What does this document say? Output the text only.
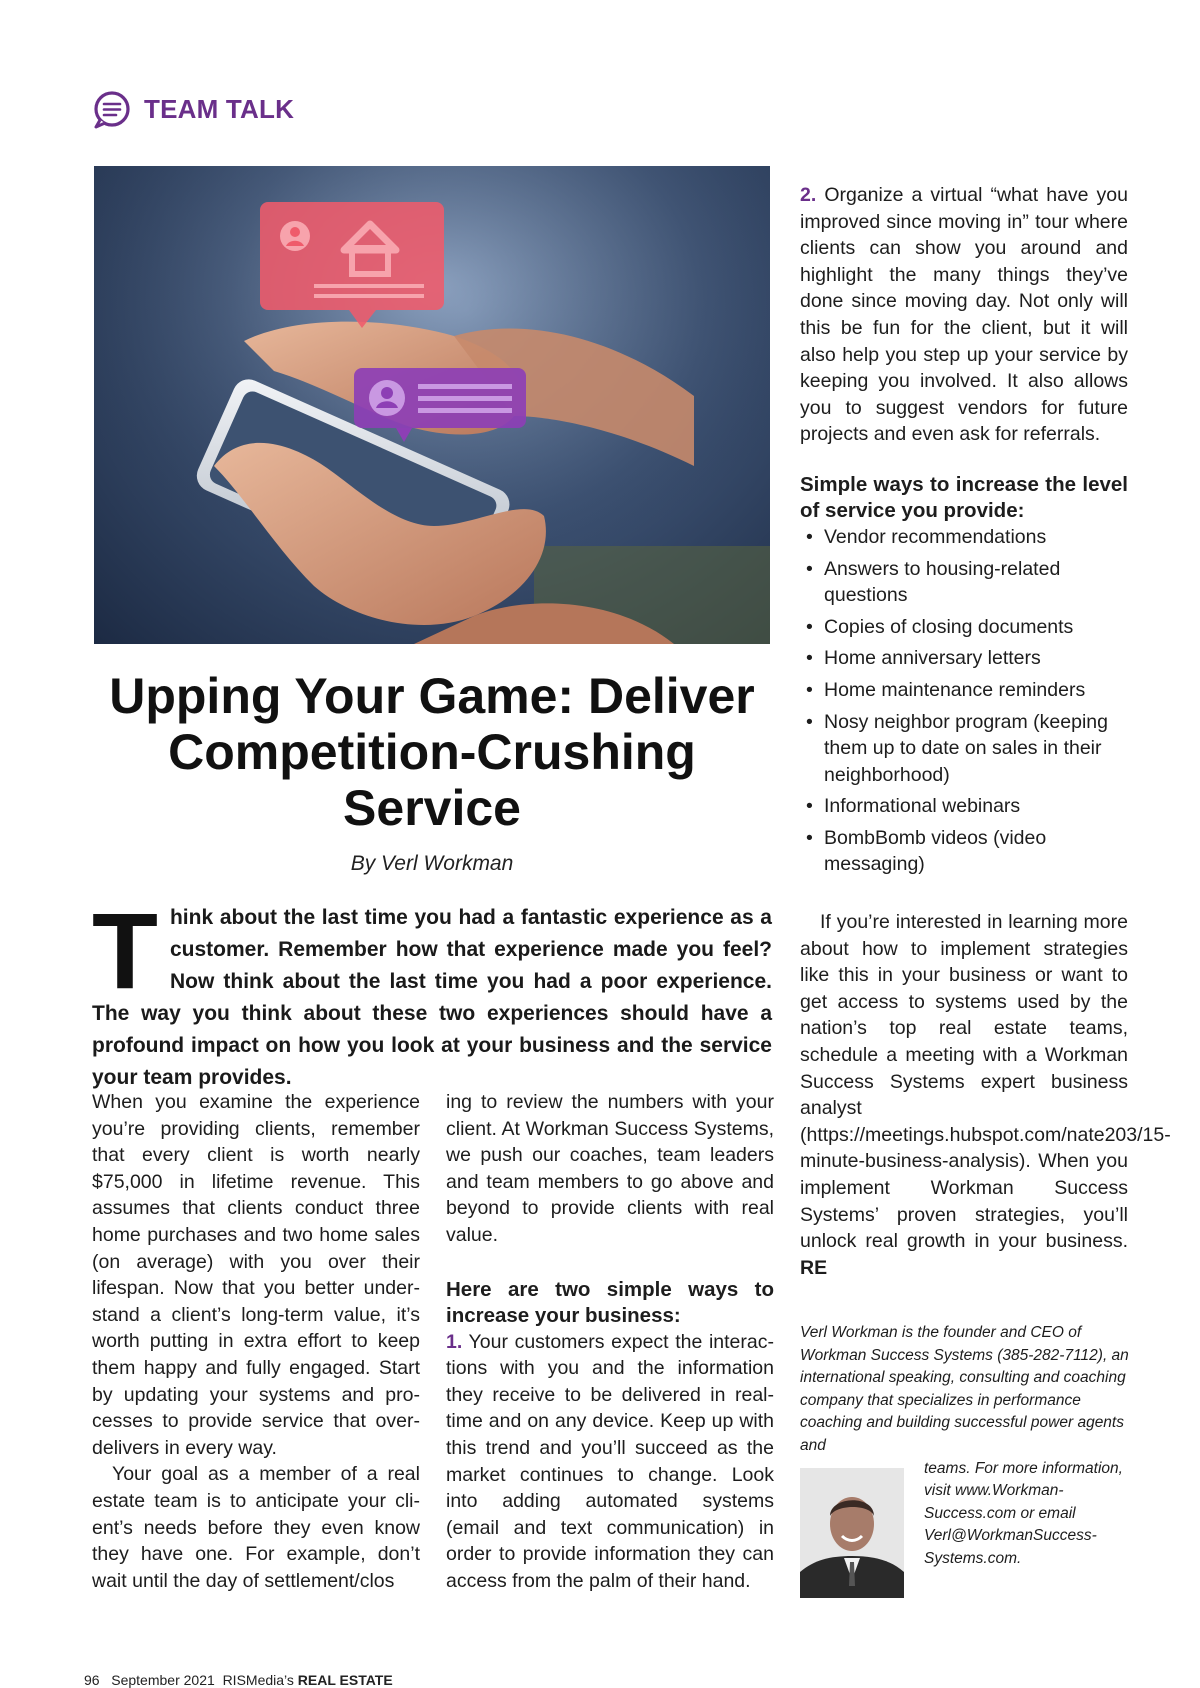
TEAM TALK
Upping Your Game: Deliver Competition-Crushing Service
By Verl Workman
Think about the last time you had a fantastic experience as a customer. Remember how that experience made you feel? Now think about the last time you had a poor experience. The way you think about these two experiences should have a profound impact on how you look at your business and the service your team provides.

When you examine the experience you’re providing clients, remember that every client is worth nearly $75,000 in lifetime revenue. This assumes that clients conduct three home purchases and two home sales (on average) with you over their lifespan. Now that you better understand a client’s long-term value, it’s worth putting in extra effort to keep them happy and fully engaged. Start by updating your systems and processes to provide service that overdelivers in every way.

Your goal as a member of a real estate team is to anticipate your client’s needs before they even know they have one. For example, don’t wait until the day of settlement/clos

ing to review the numbers with your client. At Workman Success Systems, we push our coaches, team leaders and team members to go above and beyond to provide clients with real value.

Here are two simple ways to increase your business:

1. Your customers expect the interactions with you and the information they receive to be delivered in real-time and on any device. Keep up with this trend and you’ll succeed as the market continues to change. Look into adding automated systems (email and text communication) in order to provide information they can access from the palm of their hand.

2. Organize a virtual “what have you improved since moving in” tour where clients can show you around and highlight the many things they’ve done since moving day. Not only will this be fun for the client, but it will also help you step up your service by keeping you involved. It also allows you to suggest vendors for future projects and even ask for referrals.

Simple ways to increase the level of service you provide:

• Vendor recommendations
• Answers to housing-related questions
• Copies of closing documents
• Home anniversary letters
• Home maintenance reminders
• Nosy neighbor program (keeping them up to date on sales in their neighborhood)
• Informational webinars
• BombBomb videos (video messaging)

If you’re interested in learning more about how to implement strategies like this in your business or want to get access to systems used by the nation’s top real estate teams, schedule a meeting with a Workman Success Systems expert business analyst (https://meetings.hubspot.com/nate203/15-minute-business-analysis). When you implement Workman Success Systems’ proven strategies, you’ll unlock real growth in your business. RE

Verl Workman is the founder and CEO of Workman Success Systems (385-282-7112), an international speaking, consulting and coaching company that specializes in performance coaching and building successful power agents and

teams. For more information, visit www.WorkmanSuccess.com or email Verl@WorkmanSuccessSystems.com.

96 September 2021 RISMedia’s REAL ESTATE
